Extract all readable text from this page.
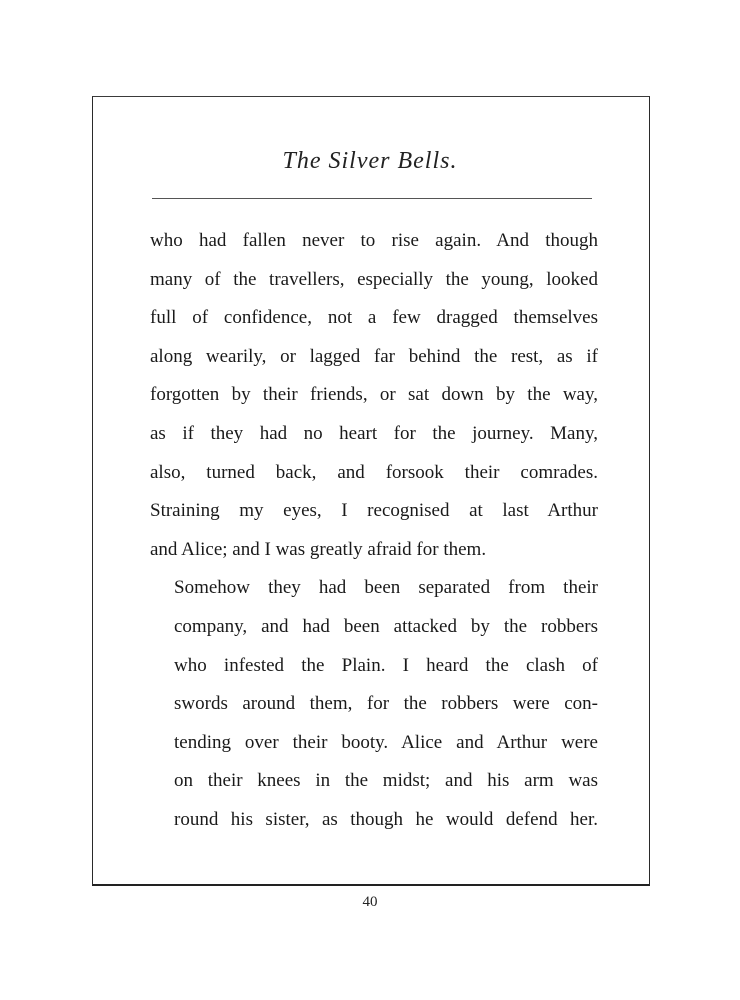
The Silver Bells.
who had fallen never to rise again. And though
many of the travellers, especially the young, looked
full of confidence, not a few dragged themselves
along wearily, or lagged far behind the rest, as if
forgotten by their friends, or sat down by the way,
as if they had no heart for the journey. Many,
also, turned back, and forsook their comrades.
Straining my eyes, I recognised at last Arthur
and Alice; and I was greatly afraid for them.
Somehow they had been separated from their
company, and had been attacked by the robbers
who infested the Plain. I heard the clash of
swords around them, for the robbers were con-
tending over their booty. Alice and Arthur were
on their knees in the midst; and his arm was
round his sister, as though he would defend her.
40
